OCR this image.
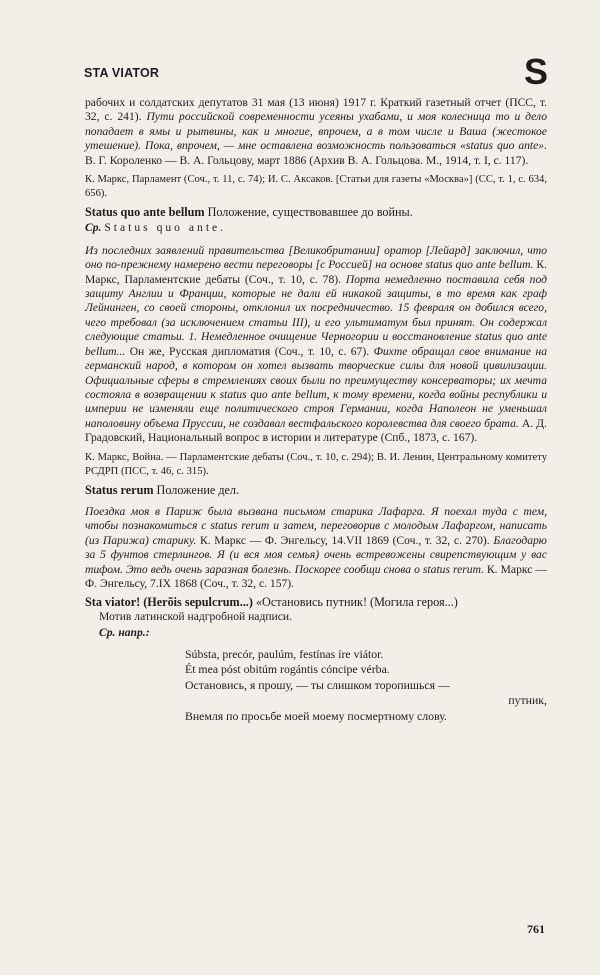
STA VIATOR	S

рабочих и солдатских депутатов 31 мая (13 июня) 1917 г. Краткий газетный отчет (ПСС, т. 32, с. 241). Пути российской современности усеяны ухабами, и моя колесница то и дело попадает в ямы и рытвины, как и многие, впрочем, а в том числе и Ваша (жестокое утешение). Пока, впрочем, — мне оставлена возможность пользоваться «status quo ante». В. Г. Короленко — В. А. Гольцову, март 1886 (Архив В. А. Гольцова. М., 1914, т. I, с. 117).

К. Маркс, Парламент (Соч., т. 11, с. 74); И. С. Аксаков. [Статьи для газеты «Москва»] (СС, т. 1, с. 634, 656).

Status quo ante bellum Положение, существовавшее до войны.

Ср. Status quo ante.

Из последних заявлений правительства [Великобритании] оратор [Лейард] заключил, что оно по-прежнему намерено вести переговоры [с Россией] на основе status quo ante bellum. К. Маркс, Парламентские дебаты (Соч., т. 10, с. 78). Порта немедленно поставила себя под защиту Англии и Франции, которые не дали ей никакой защиты, в то время как граф Лейнинген, со своей стороны, отклонил их посредничество. 15 февраля он добился всего, чего требовал (за исключением статьи III), и его ультиматум был принят. Он содержал следующие статьи. 1. Немедленное очищение Черногории и восстановление status quo ante bellum... Он же, Русская дипломатия (Соч., т. 10, с. 67). Фихте обращал свое внимание на германский народ, в котором он хотел вызвать творческие силы для новой цивилизации. Официальные сферы в стремлениях своих были по преимуществу консерваторы; их мечта состояла в возвращении к status quo ante bellum, к тому времени, когда войны республики и империи не изменяли еще политического строя Германии, когда Наполеон не уменьшал наполовину объема Пруссии, не создавал вестфальского королевства для своего брата. А. Д. Градовский, Национальный вопрос в истории и литературе (Спб., 1873, с. 167).

К. Маркс, Война. — Парламентские дебаты (Соч., т. 10, с. 294); В. И. Ленин, Центральному комитету РСДРП (ПСС, т. 46, с. 315).

Status rerum Положение дел.

Поездка моя в Париж была вызвана письмом старика Лафарга. Я поехал туда с тем, чтобы познакомиться с status rerum и затем, переговорив с молодым Лафаргом, написать (из Парижа) старику. К. Маркс — Ф. Энгельсу, 14.VII 1869 (Соч., т. 32, с. 270). Благодарю за 5 фунтов стерлингов. Я (и вся моя семья) очень встревожены свирепствующим у вас тифом. Это ведь очень заразная болезнь. Поскорее сообщи снова о status rerum. К. Маркс — Ф. Энгельсу, 7.IX 1868 (Соч., т. 32, с. 157).

Sta viator! (Herõis sepulcrum...) «Остановись путник! (Могила героя...)

Мотив латинской надгробной надписи.

Ср. напр.:

Súbsta, precór, paulúm, festínas íre viátor.
Ét mea póst obitúm rogántis cóncipe vérba.
Остановись, я прошу, — ты слишком торопишься —
путник,
Внемля по просьбе моей моему посмертному слову.
761
